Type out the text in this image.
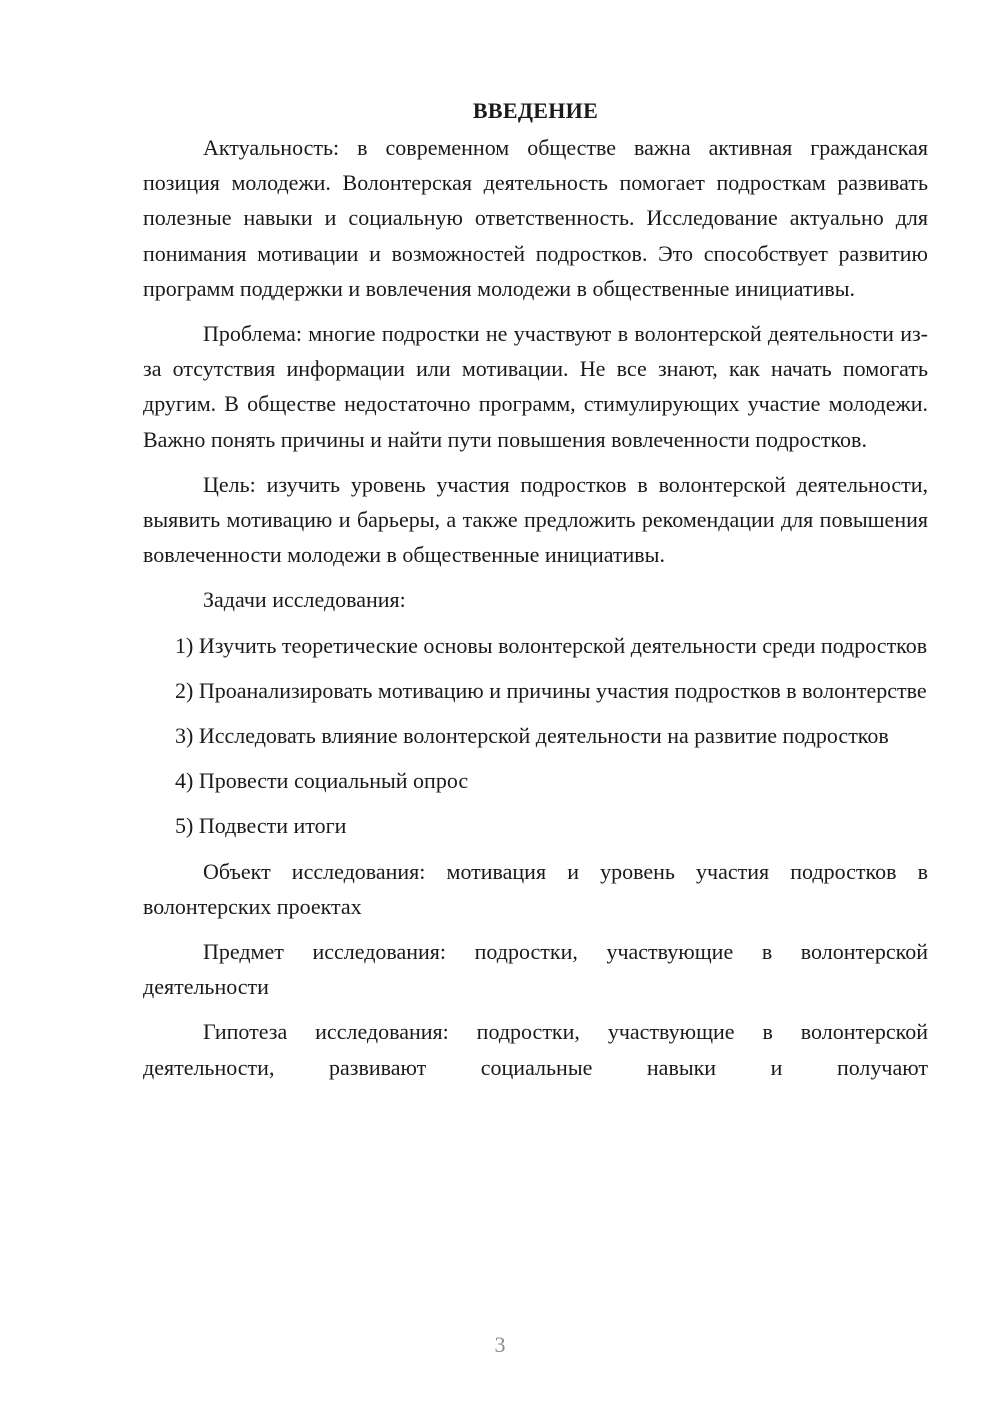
ВВЕДЕНИЕ

Актуальность: в современном обществе важна активная гражданская позиция молодежи. Волонтерская деятельность помогает подросткам развивать полезные навыки и социальную ответственность. Исследование актуально для понимания мотивации и возможностей подростков. Это способствует развитию программ поддержки и вовлечения молодежи в общественные инициативы.

Проблема: многие подростки не участвуют в волонтерской деятельности из-за отсутствия информации или мотивации. Не все знают, как начать помогать другим. В обществе недостаточно программ, стимулирующих участие молодежи. Важно понять причины и найти пути повышения вовлеченности подростков.

Цель: изучить уровень участия подростков в волонтерской деятельности, выявить мотивацию и барьеры, а также предложить рекомендации для повышения вовлеченности молодежи в общественные инициативы.

Задачи исследования:

1) Изучить теоретические основы волонтерской деятельности среди подростков

2) Проанализировать мотивацию и причины участия подростков в волонтерстве

3) Исследовать влияние волонтерской деятельности на развитие подростков

4) Провести социальный опрос

5) Подвести итоги

Объект исследования: мотивация и уровень участия подростков в волонтерских проектах

Предмет исследования: подростки, участвующие в волонтерской деятельности

Гипотеза исследования: подростки, участвующие в волонтерской деятельности, развивают социальные навыки и получают

3
